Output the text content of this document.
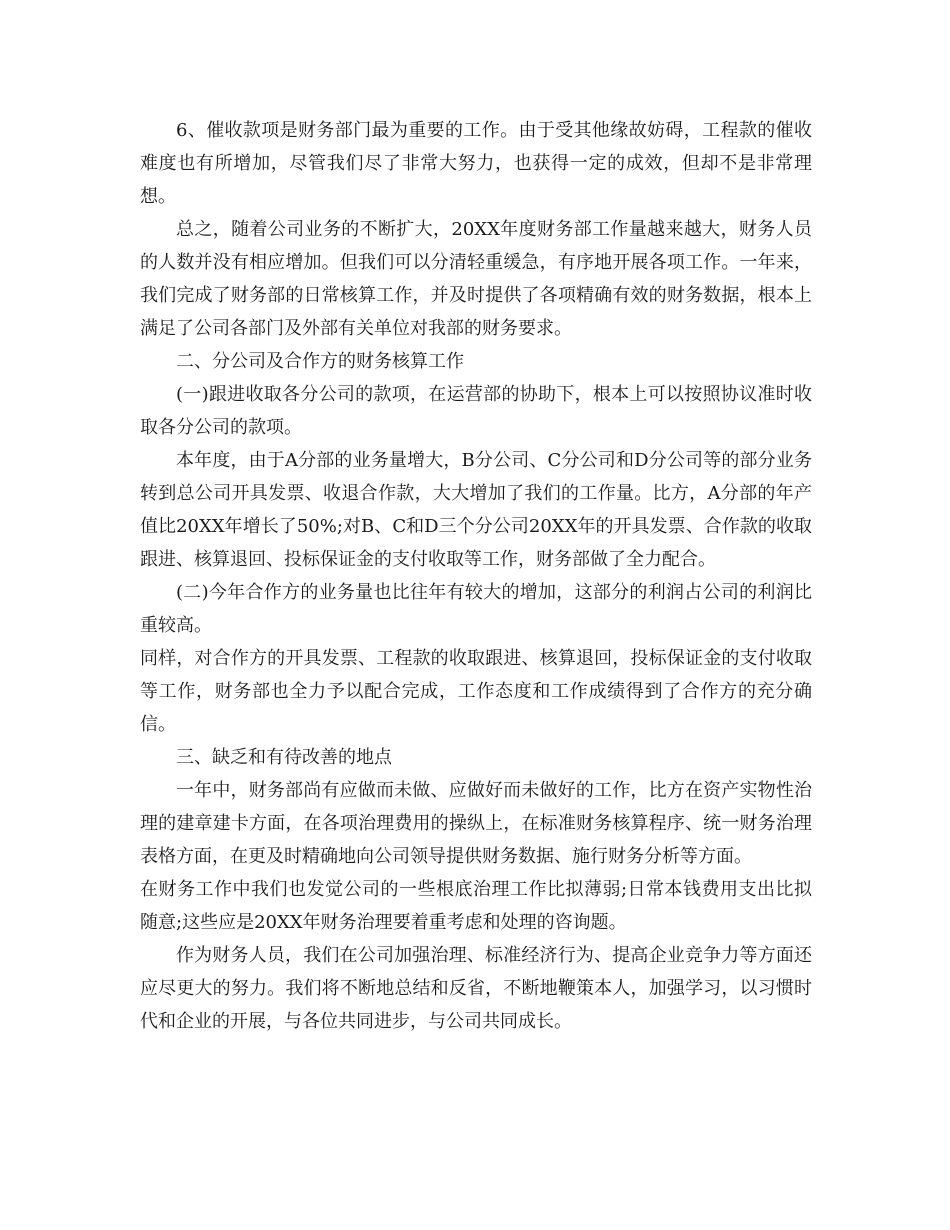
6、催收款项是财务部门最为重要的工作。由于受其他缘故妨碍，工程款的催收难度也有所增加，尽管我们尽了非常大努力，也获得一定的成效，但却不是非常理想。

总之，随着公司业务的不断扩大，20XX年度财务部工作量越来越大，财务人员的人数并没有相应增加。但我们可以分清轻重缓急，有序地开展各项工作。一年来，我们完成了财务部的日常核算工作，并及时提供了各项精确有效的财务数据，根本上满足了公司各部门及外部有关单位对我部的财务要求。

二、分公司及合作方的财务核算工作

(一)跟进收取各分公司的款项，在运营部的协助下，根本上可以按照协议准时收取各分公司的款项。

本年度，由于A分部的业务量增大，B分公司、C分公司和D分公司等的部分业务转到总公司开具发票、收退合作款，大大增加了我们的工作量。比方，A分部的年产值比20XX年增长了50%;对B、C和D三个分公司20XX年的开具发票、合作款的收取跟进、核算退回、投标保证金的支付收取等工作，财务部做了全力配合。

(二)今年合作方的业务量也比往年有较大的增加，这部分的利润占公司的利润比重较高。

同样，对合作方的开具发票、工程款的收取跟进、核算退回，投标保证金的支付收取等工作，财务部也全力予以配合完成，工作态度和工作成绩得到了合作方的充分确信。

三、缺乏和有待改善的地点

一年中，财务部尚有应做而未做、应做好而未做好的工作，比方在资产实物性治理的建章建卡方面，在各项治理费用的操纵上，在标准财务核算程序、统一财务治理表格方面，在更及时精确地向公司领导提供财务数据、施行财务分析等方面。

在财务工作中我们也发觉公司的一些根底治理工作比拟薄弱;日常本钱费用支出比拟随意;这些应是20XX年财务治理要着重考虑和处理的咨询题。

作为财务人员，我们在公司加强治理、标准经济行为、提高企业竞争力等方面还应尽更大的努力。我们将不断地总结和反省，不断地鞭策本人，加强学习，以习惯时代和企业的开展，与各位共同进步，与公司共同成长。
